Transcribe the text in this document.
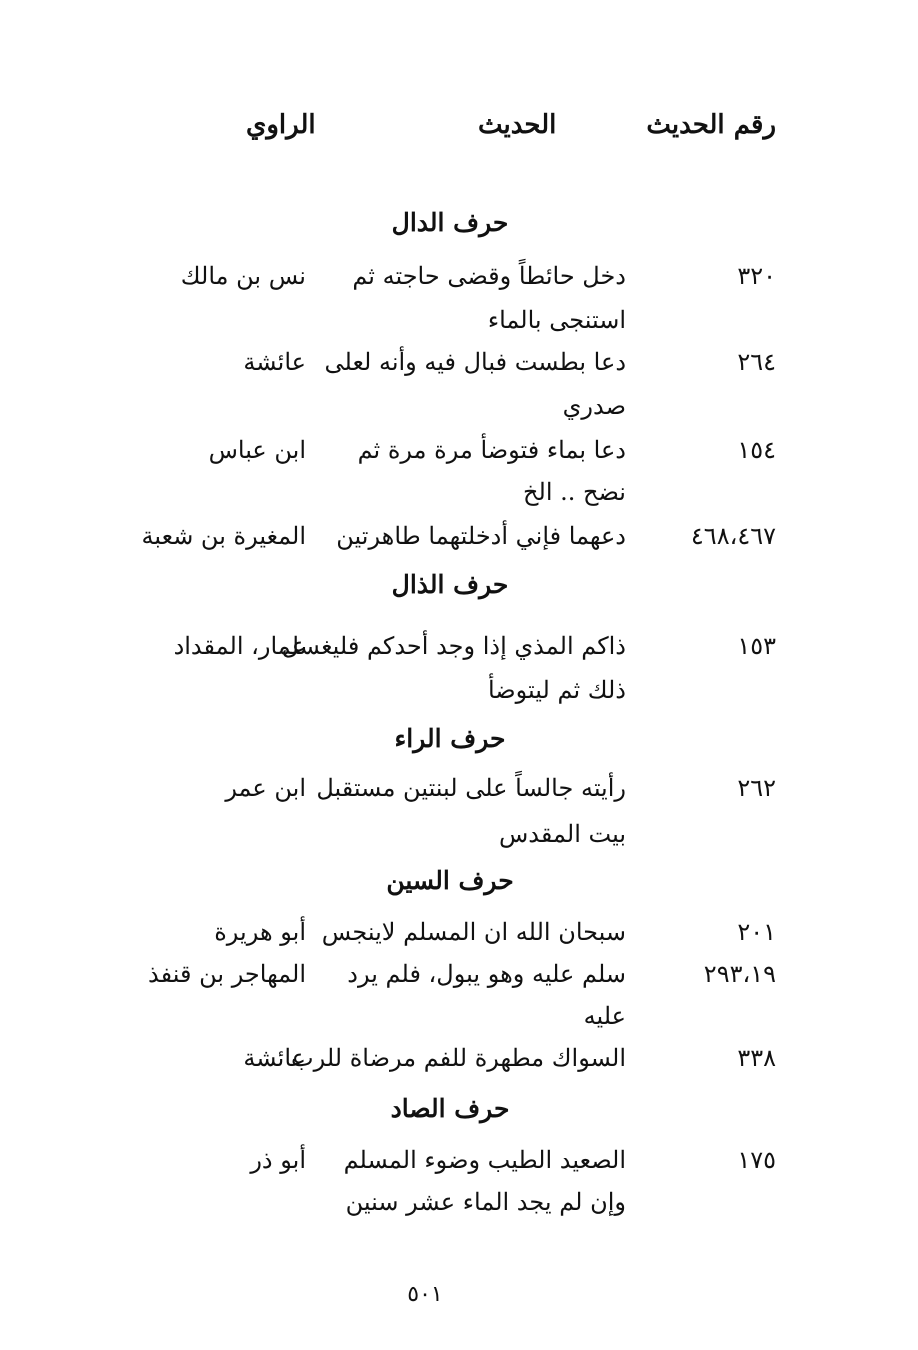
رقم الحديث
الحديث
الراوي
حرف الدال
٣٢٠
دخل حائطاً وقضى حاجته ثم
استنجى بالماء
نس بن مالك
٢٦٤
دعا بطست فبال فيه وأنه لعلى
صدري
عائشة
١٥٤
دعا بماء فتوضأ مرة مرة ثم
نضح .. الخ
ابن عباس
٤٦٨،٤٦٧
دعهما فإني أدخلتهما طاهرتين
المغيرة بن شعبة
حرف الذال
١٥٣
ذاكم المذي إذا وجد أحدكم فليغسل
ذلك ثم ليتوضأ
عمار، المقداد
حرف الراء
٢٦٢
رأيته جالساً على لبنتين مستقبل
بيت المقدس
ابن عمر
حرف السين
٢٠١
سبحان الله ان المسلم لاينجس
أبو هريرة
٢٩٣،١٩
سلم عليه وهو يبول، فلم يرد
عليه
المهاجر بن قنفذ
٣٣٨
السواك مطهرة للفم مرضاة للرب
عائشة
حرف الصاد
١٧٥
الصعيد الطيب وضوء المسلم
وإن لم يجد الماء عشر سنين
أبو ذر
٥٠١
